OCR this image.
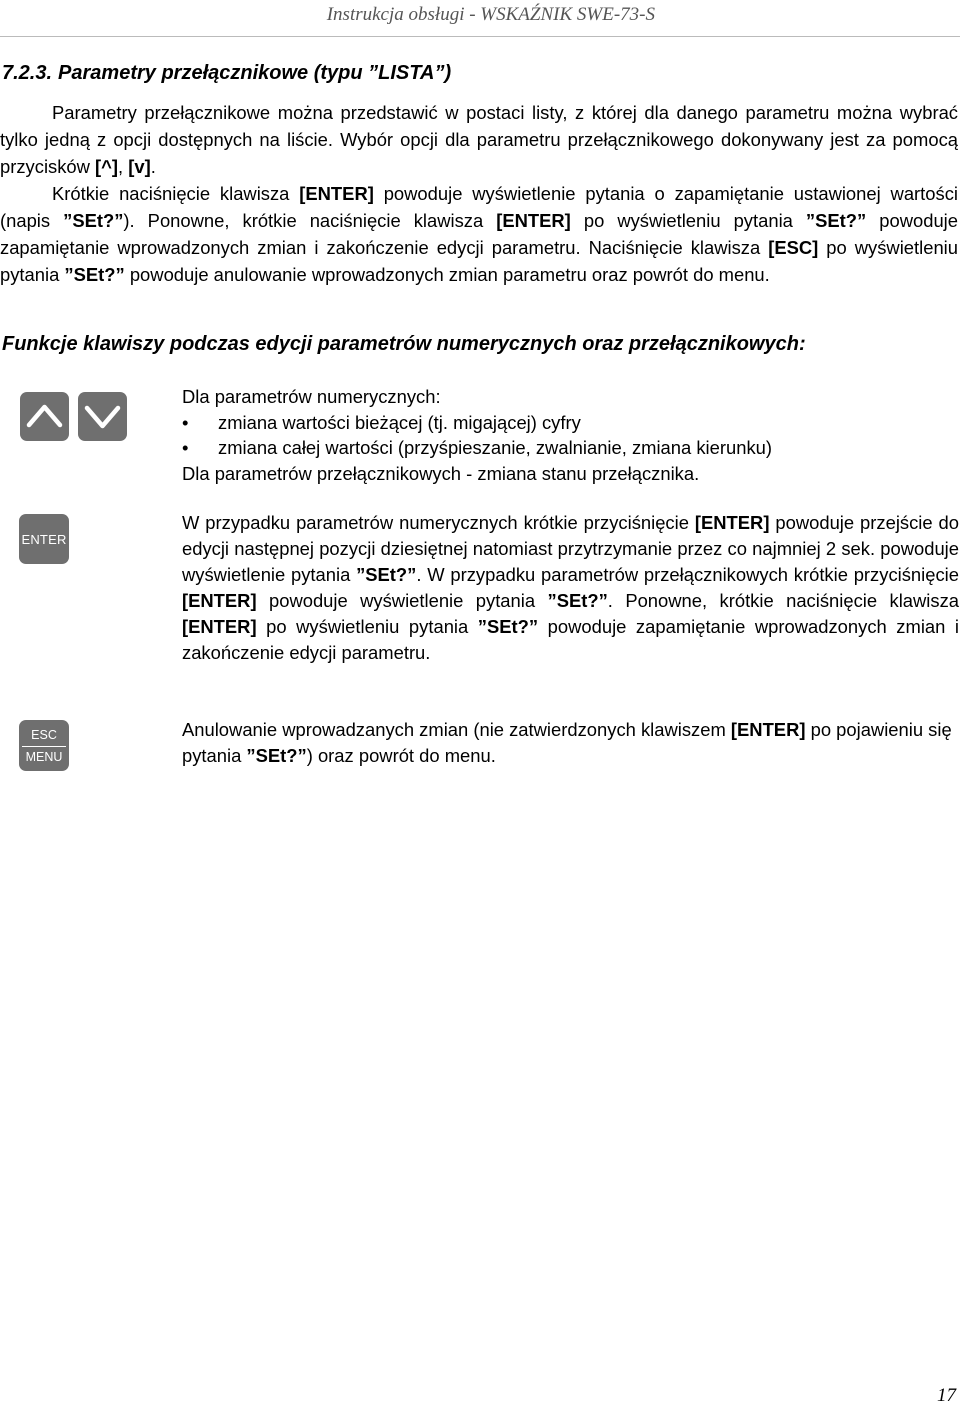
Instrukcja obsługi - WSKAŹNIK SWE-73-S
7.2.3. Parametry przełącznikowe (typu ”LISTA”)
Parametry przełącznikowe można przedstawić w postaci listy, z której dla danego parametru można wybrać tylko jedną z opcji dostępnych na liście. Wybór opcji dla parametru przełącznikowego dokonywany jest za pomocą przycisków [^], [v].
Krótkie naciśnięcie klawisza [ENTER] powoduje wyświetlenie pytania o zapamiętanie ustawionej wartości (napis ”SEt?”). Ponowne, krótkie naciśnięcie klawisza [ENTER] po wyświetleniu pytania ”SEt?” powoduje zapamiętanie wprowadzonych zmian i zakończenie edycji parametru. Naciśnięcie klawisza [ESC] po wyświetleniu pytania ”SEt?” powoduje anulowanie wprowadzonych zmian parametru oraz powrót do menu.
Funkcje klawiszy podczas edycji parametrów numerycznych oraz przełącznikowych:
ENTER
ESC
MENU
Dla parametrów numerycznych:
• zmiana wartości bieżącej (tj. migającej) cyfry
• zmiana całej wartości (przyśpieszanie, zwalnianie, zmiana kierunku)
Dla parametrów przełącznikowych - zmiana stanu przełącznika.
W przypadku parametrów numerycznych krótkie przyciśnięcie [ENTER] powoduje przejście do edycji następnej pozycji dziesiętnej natomiast przytrzymanie przez co najmniej 2 sek. powoduje wyświetlenie pytania ”SEt?”. W przypadku parametrów przełącznikowych krótkie przyciśnięcie [ENTER] powoduje wyświetlenie pytania ”SEt?”. Ponowne, krótkie naciśnięcie klawisza [ENTER] po wyświetleniu pytania ”SEt?” powoduje zapamiętanie wprowadzonych zmian i zakończenie edycji parametru.
Anulowanie wprowadzanych zmian (nie zatwierdzonych klawiszem [ENTER] po pojawieniu się pytania ”SEt?”) oraz powrót do menu.
17
